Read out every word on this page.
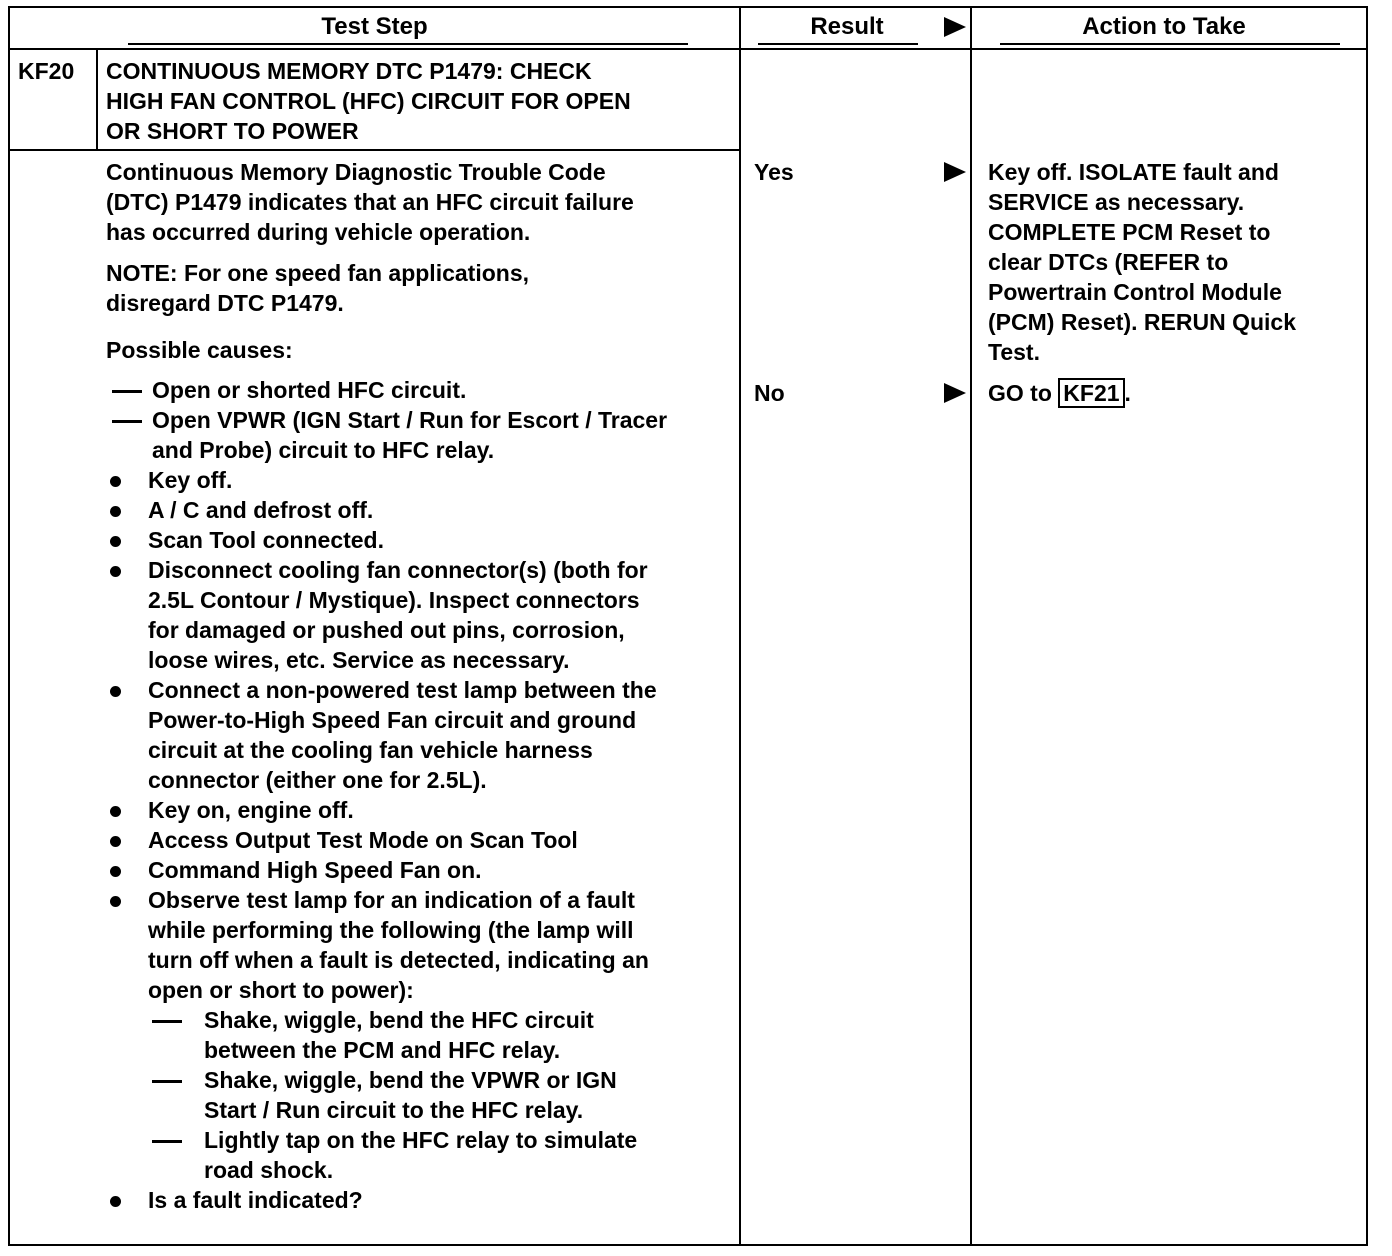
Test Step	Result	Action to Take
KF20 CONTINUOUS MEMORY DTC P1479: CHECK
HIGH FAN CONTROL (HFC) CIRCUIT FOR OPEN
OR SHORT TO POWER
Continuous Memory Diagnostic Trouble Code
(DTC) P1479 indicates that an HFC circuit failure
has occurred during vehicle operation.
NOTE: For one speed fan applications,
disregard DTC P1479.
Possible causes:
Open or shorted HFC circuit.
Open VPWR (IGN Start / Run for Escort / Tracer
and Probe) circuit to HFC relay.
Key off.
A / C and defrost off.
Scan Tool connected.
Disconnect cooling fan connector(s) (both for
2.5L Contour / Mystique). Inspect connectors
for damaged or pushed out pins, corrosion,
loose wires, etc. Service as necessary.
Connect a non-powered test lamp between the
Power-to-High Speed Fan circuit and ground
circuit at the cooling fan vehicle harness
connector (either one for 2.5L).
Key on, engine off.
Access Output Test Mode on Scan Tool
Command High Speed Fan on.
Observe test lamp for an indication of a fault
while performing the following (the lamp will
turn off when a fault is detected, indicating an
open or short to power):
Shake, wiggle, bend the HFC circuit
between the PCM and HFC relay.
Shake, wiggle, bend the VPWR or IGN
Start / Run circuit to the HFC relay.
Lightly tap on the HFC relay to simulate
road shock.
Is a fault indicated?
Yes
No
Key off. ISOLATE fault and
SERVICE as necessary.
COMPLETE PCM Reset to
clear DTCs (REFER to
Powertrain Control Module
(PCM) Reset). RERUN Quick
Test.
GO to KF21 .
